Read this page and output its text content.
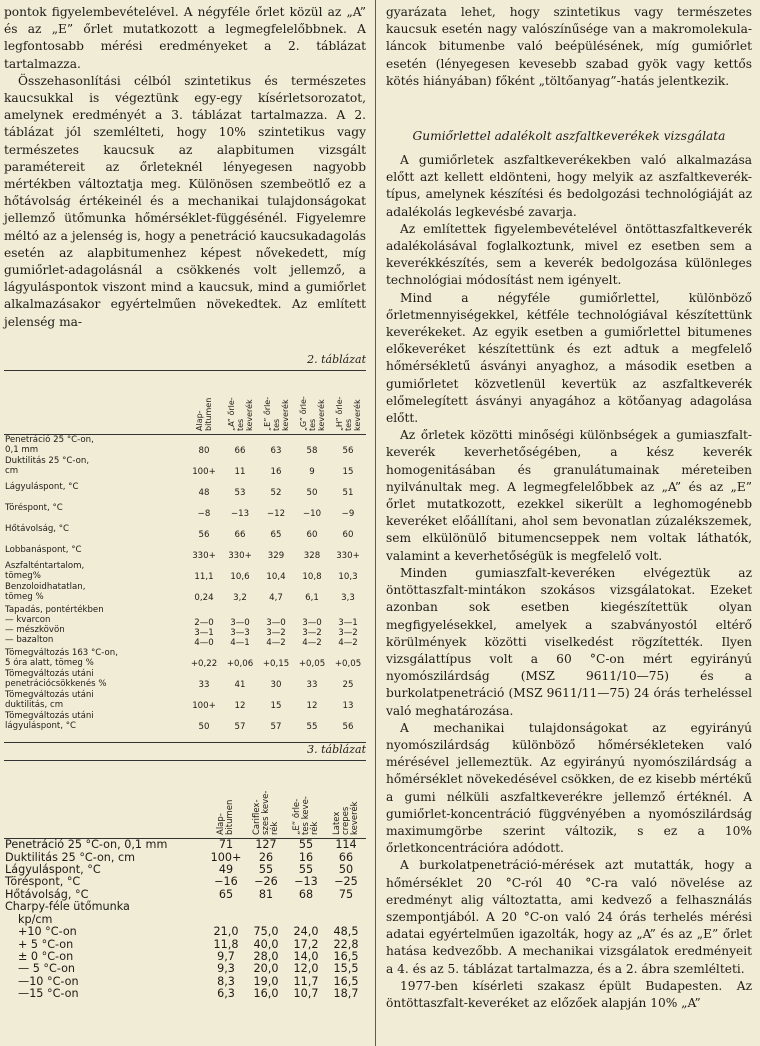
pontok figyelembevételével. A négyféle őrlet közül az „A” és az „E” őrlet mutatkozott a legmegfelelőbbnek. A legfontosabb mérési eredményeket a 2. táblázat tartalmazza.

Összehasonlítási célból szintetikus és természetes kaucsukkal is végeztünk egy-egy kísérletsorozatot, amelynek eredményét a 3. táblázat tartalmazza. A 2. táblázat jól szemlélteti, hogy 10% szintetikus vagy természetes kaucsuk az alapbitumen vizsgált paramétereit az őrleteknél lényegesen nagyobb mértékben változtatja meg. Különösen szembeötlő ez a hőtávolság értékeinél és a mechanikai tulajdonságokat jellemző ütőmunka hőmérséklet-függésénél. Figyelemre méltó az a jelenség is, hogy a penetráció kaucsukadagolás esetén az alapbitumenhez képest nővekedett, míg gumiőrlet-adagolásnál a csökkenés volt jellemző, a lágyuláspontok viszont mind a kaucsuk, mind a gumiőrlet alkalmazásakor egyértelműen növekedtek. Az említett jelenség ma-

2. táblázat
	Alap-
bitumen	„A” őrle-
tes
keverék	„E” őrle-
tes
keverék	„G” őrle-
tes
keverék	„H” őrle-
tes
keverék

Penetráció 25 °C-on,
0,1 mm	80	66	63	58	56

Duktilitás 25 °C-on,
cm	100+	11	16	9	15

Lágyuláspont, °C	48	53	52	50	51

Töréspont, °C	−8	−13	−12	−10	−9

Hőtávolság, °C	56	66	65	60	60

Lobbanáspont, °C	330+	330+	329	328	330+

Aszfalténtartalom,
tömeg%	11,1	10,6	10,4	10,8	10,3

Benzoloidhatatlan,
tömeg %	0,24	3,2	4,7	6,1	3,3

Tapadás, pontértékben
— kvarcon
— mészkövön
— bazalton	2—0
3—1
4—0	3—0
3—3
4—1	3—0
3—2
4—2	3—0
3—2
4—2	3—1
3—2
4—2

Tömegváltozás 163 °C-on,
5 óra alatt, tömeg %	+0,22	+0,06	+0,15	+0,05	+0,05

Tömegváltozás utáni
penetrációcsökkenés %	33	41	30	33	25

Tömegváltozás utáni
duktilitás, cm	100+	12	15	12	13

Tömegváltozás utáni
lágyuláspont, °C	50	57	57	55	56
3. táblázat
	Alap-
bitumen	Cariflex-
szes keve-
rék	„E” őrle-
tes keve-
rék	Latex
crepes
keverék
Penetráció 25 °C-on, 0,1 mm	71	127	55	114
Duktilitás 25 °C-on, cm	100+	26	16	66
Lágyuláspont, °C	49	55	55	50
Töréspont, °C	−16	−26	−13	−25
Hőtávolság, °C	65	81	68	75
Charpy-féle ütőmunka				
kp/cm				
+10 °C-on	21,0	75,0	24,0	48,5
+ 5 °C-on	11,8	40,0	17,2	22,8
± 0 °C-on	9,7	28,0	14,0	16,5
— 5 °C-on	9,3	20,0	12,0	15,5
—10 °C-on	8,3	19,0	11,7	16,5
—15 °C-on	6,3	16,0	10,7	18,7

gyarázata lehet, hogy szintetikus vagy természetes kaucsuk esetén nagy valószínűsége van a makromolekula-láncok bitumenbe való beépülésének, míg gumiőrlet esetén (lényegesen kevesebb szabad gyök vagy kettős kötés hiányában) főként „töltőanyag”-hatás jelentkezik.

Gumiőrlettel adalékolt aszfaltkeverékek vizsgálata

A gumiőrletek aszfaltkeverékekben való alkalmazása előtt azt kellett eldönteni, hogy melyik az aszfaltkeverék-típus, amelynek készítési és bedolgozási technológiáját az adalékolás legkevésbé zavarja.

Az említettek figyelembevételével öntöttaszfaltkeverék adalékolásával foglalkoztunk, mivel ez esetben sem a keverékkészítés, sem a keverék bedolgozása különleges technológiai módosítást nem igényelt.

Mind a négyféle gumiőrlettel, különböző őrletmennyiségekkel, kétféle technológiával készítettünk keverékeket. Az egyik esetben a gumiőrlettel bitumenes előkeveréket készítettünk és ezt adtuk a megfelelő hőmérsékletű ásványi anyaghoz, a második esetben a gumiőrletet közvetlenül kevertük az aszfaltkeverék előmelegített ásványi anyagához a kötőanyag adagolása előtt.

Az őrletek közötti minőségi különbségek a gumiaszfalt-keverék keverhetőségében, a kész keverék homogenitásában és granulátumainak méreteiben nyilvánultak meg. A legmegfelelőbbek az „A” és az „E” őrlet mutatkozott, ezekkel sikerült a leghomogénebb keveréket előállítani, ahol sem bevonatlan zúzalékszemek, sem elkülönülő bitumencseppek nem voltak láthatók, valamint a keverhetőségük is megfelelő volt.

Minden gumiaszfalt-keveréken elvégeztük az öntöttaszfalt-mintákon szokásos vizsgálatokat. Ezeket azonban sok esetben kiegészítettük olyan megfigyelésekkel, amelyek a szabványostól eltérő körülmények közötti viselkedést rögzítették. Ilyen vizsgálattípus volt a 60 °C-on mért egyirányú nyomószilárdság (MSZ 9611/10—75) és a burkolatpenetráció (MSZ 9611/11—75) 24 órás terheléssel való meghatározása.

A mechanikai tulajdonságokat az egyirányú nyomószilárdság különböző hőmérsékleteken való mérésével jellemeztük. Az egyirányú nyomószilárdság a hőmérséklet növekedésével csökken, de ez kisebb mértékű a gumi nélküli aszfaltkeverékre jellemző értéknél. A gumiőrlet-koncentráció függvényében a nyomószilárdság maximumgörbe szerint változik, s ez a 10% őrletkoncentrációra adódott.

A burkolatpenetráció-mérések azt mutatták, hogy a hőmérséklet 20 °C-ról 40 °C-ra való növelése az eredményt alig változtatta, ami kedvező a felhasználás szempontjából. A 20 °C-on való 24 órás terhelés mérési adatai egyértelműen igazolták, hogy az „A” és az „E” őrlet hatása kedvezőbb. A mechanikai vizsgálatok eredményeit a 4. és az 5. táblázat tartalmazza, és a 2. ábra szemlélteti.

1977-ben kísérleti szakasz épült Budapesten. Az öntöttaszfalt-keveréket az előzőek alapján 10% „A”
